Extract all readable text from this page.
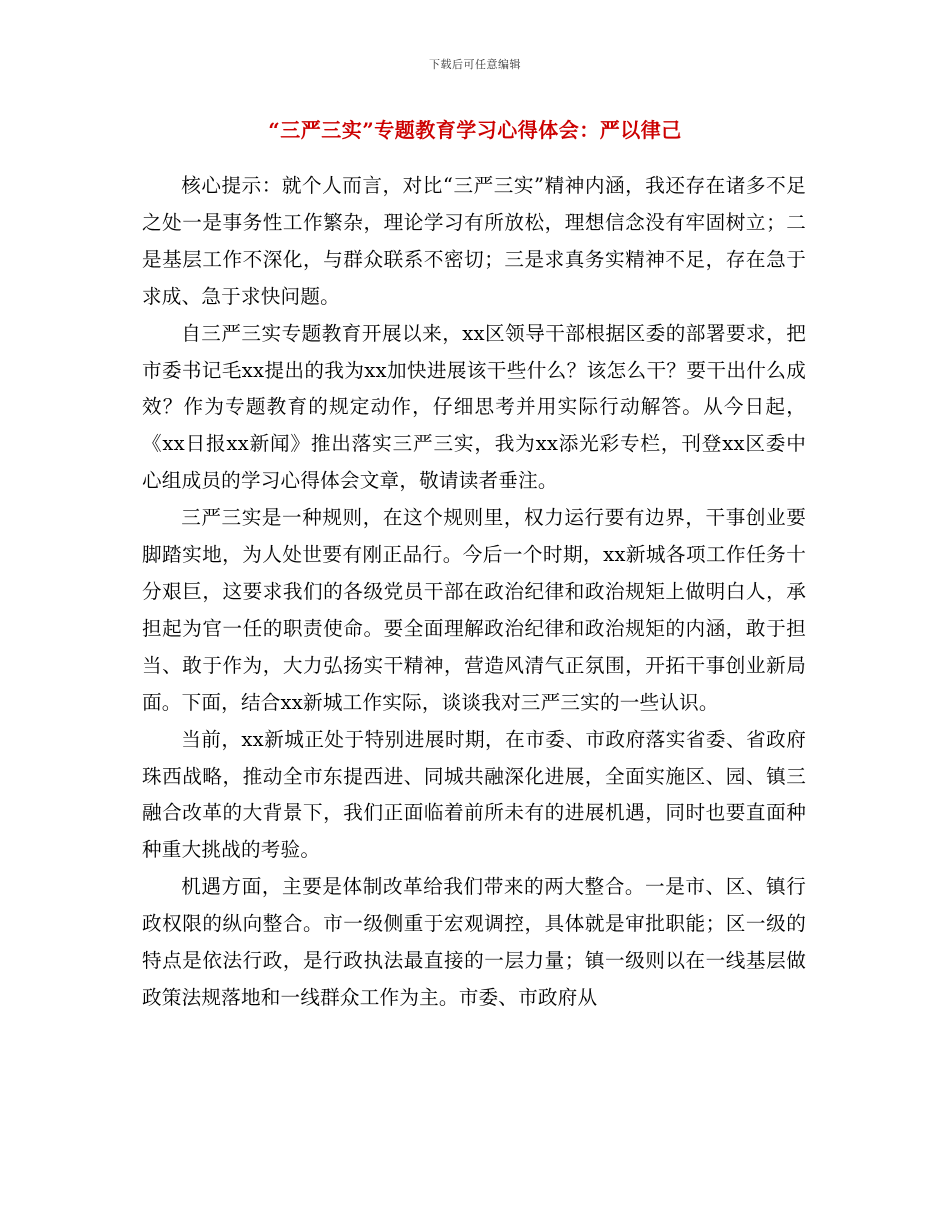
下载后可任意编辑
“三严三实”专题教育学习心得体会：严以律己

核心提示：就个人而言，对比“三严三实”精神内涵，我还存在诸多不足之处一是事务性工作繁杂，理论学习有所放松，理想信念没有牢固树立；二是基层工作不深化，与群众联系不密切；三是求真务实精神不足，存在急于求成、急于求快问题。

自三严三实专题教育开展以来，xx区领导干部根据区委的部署要求，把市委书记毛xx提出的我为xx加快进展该干些什么？该怎么干？要干出什么成效？作为专题教育的规定动作，仔细思考并用实际行动解答。从今日起，《xx日报xx新闻》推出落实三严三实，我为xx添光彩专栏，刊登xx区委中心组成员的学习心得体会文章，敬请读者垂注。

三严三实是一种规则，在这个规则里，权力运行要有边界，干事创业要脚踏实地，为人处世要有刚正品行。今后一个时期，xx新城各项工作任务十分艰巨，这要求我们的各级党员干部在政治纪律和政治规矩上做明白人，承担起为官一任的职责使命。要全面理解政治纪律和政治规矩的内涵，敢于担当、敢于作为，大力弘扬实干精神，营造风清气正氛围，开拓干事创业新局面。下面，结合xx新城工作实际，谈谈我对三严三实的一些认识。

当前，xx新城正处于特别进展时期，在市委、市政府落实省委、省政府珠西战略，推动全市东提西进、同城共融深化进展，全面实施区、园、镇三融合改革的大背景下，我们正面临着前所未有的进展机遇，同时也要直面种种重大挑战的考验。

机遇方面，主要是体制改革给我们带来的两大整合。一是市、区、镇行政权限的纵向整合。市一级侧重于宏观调控，具体就是审批职能；区一级的特点是依法行政，是行政执法最直接的一层力量；镇一级则以在一线基层做政策法规落地和一线群众工作为主。市委、市政府从
